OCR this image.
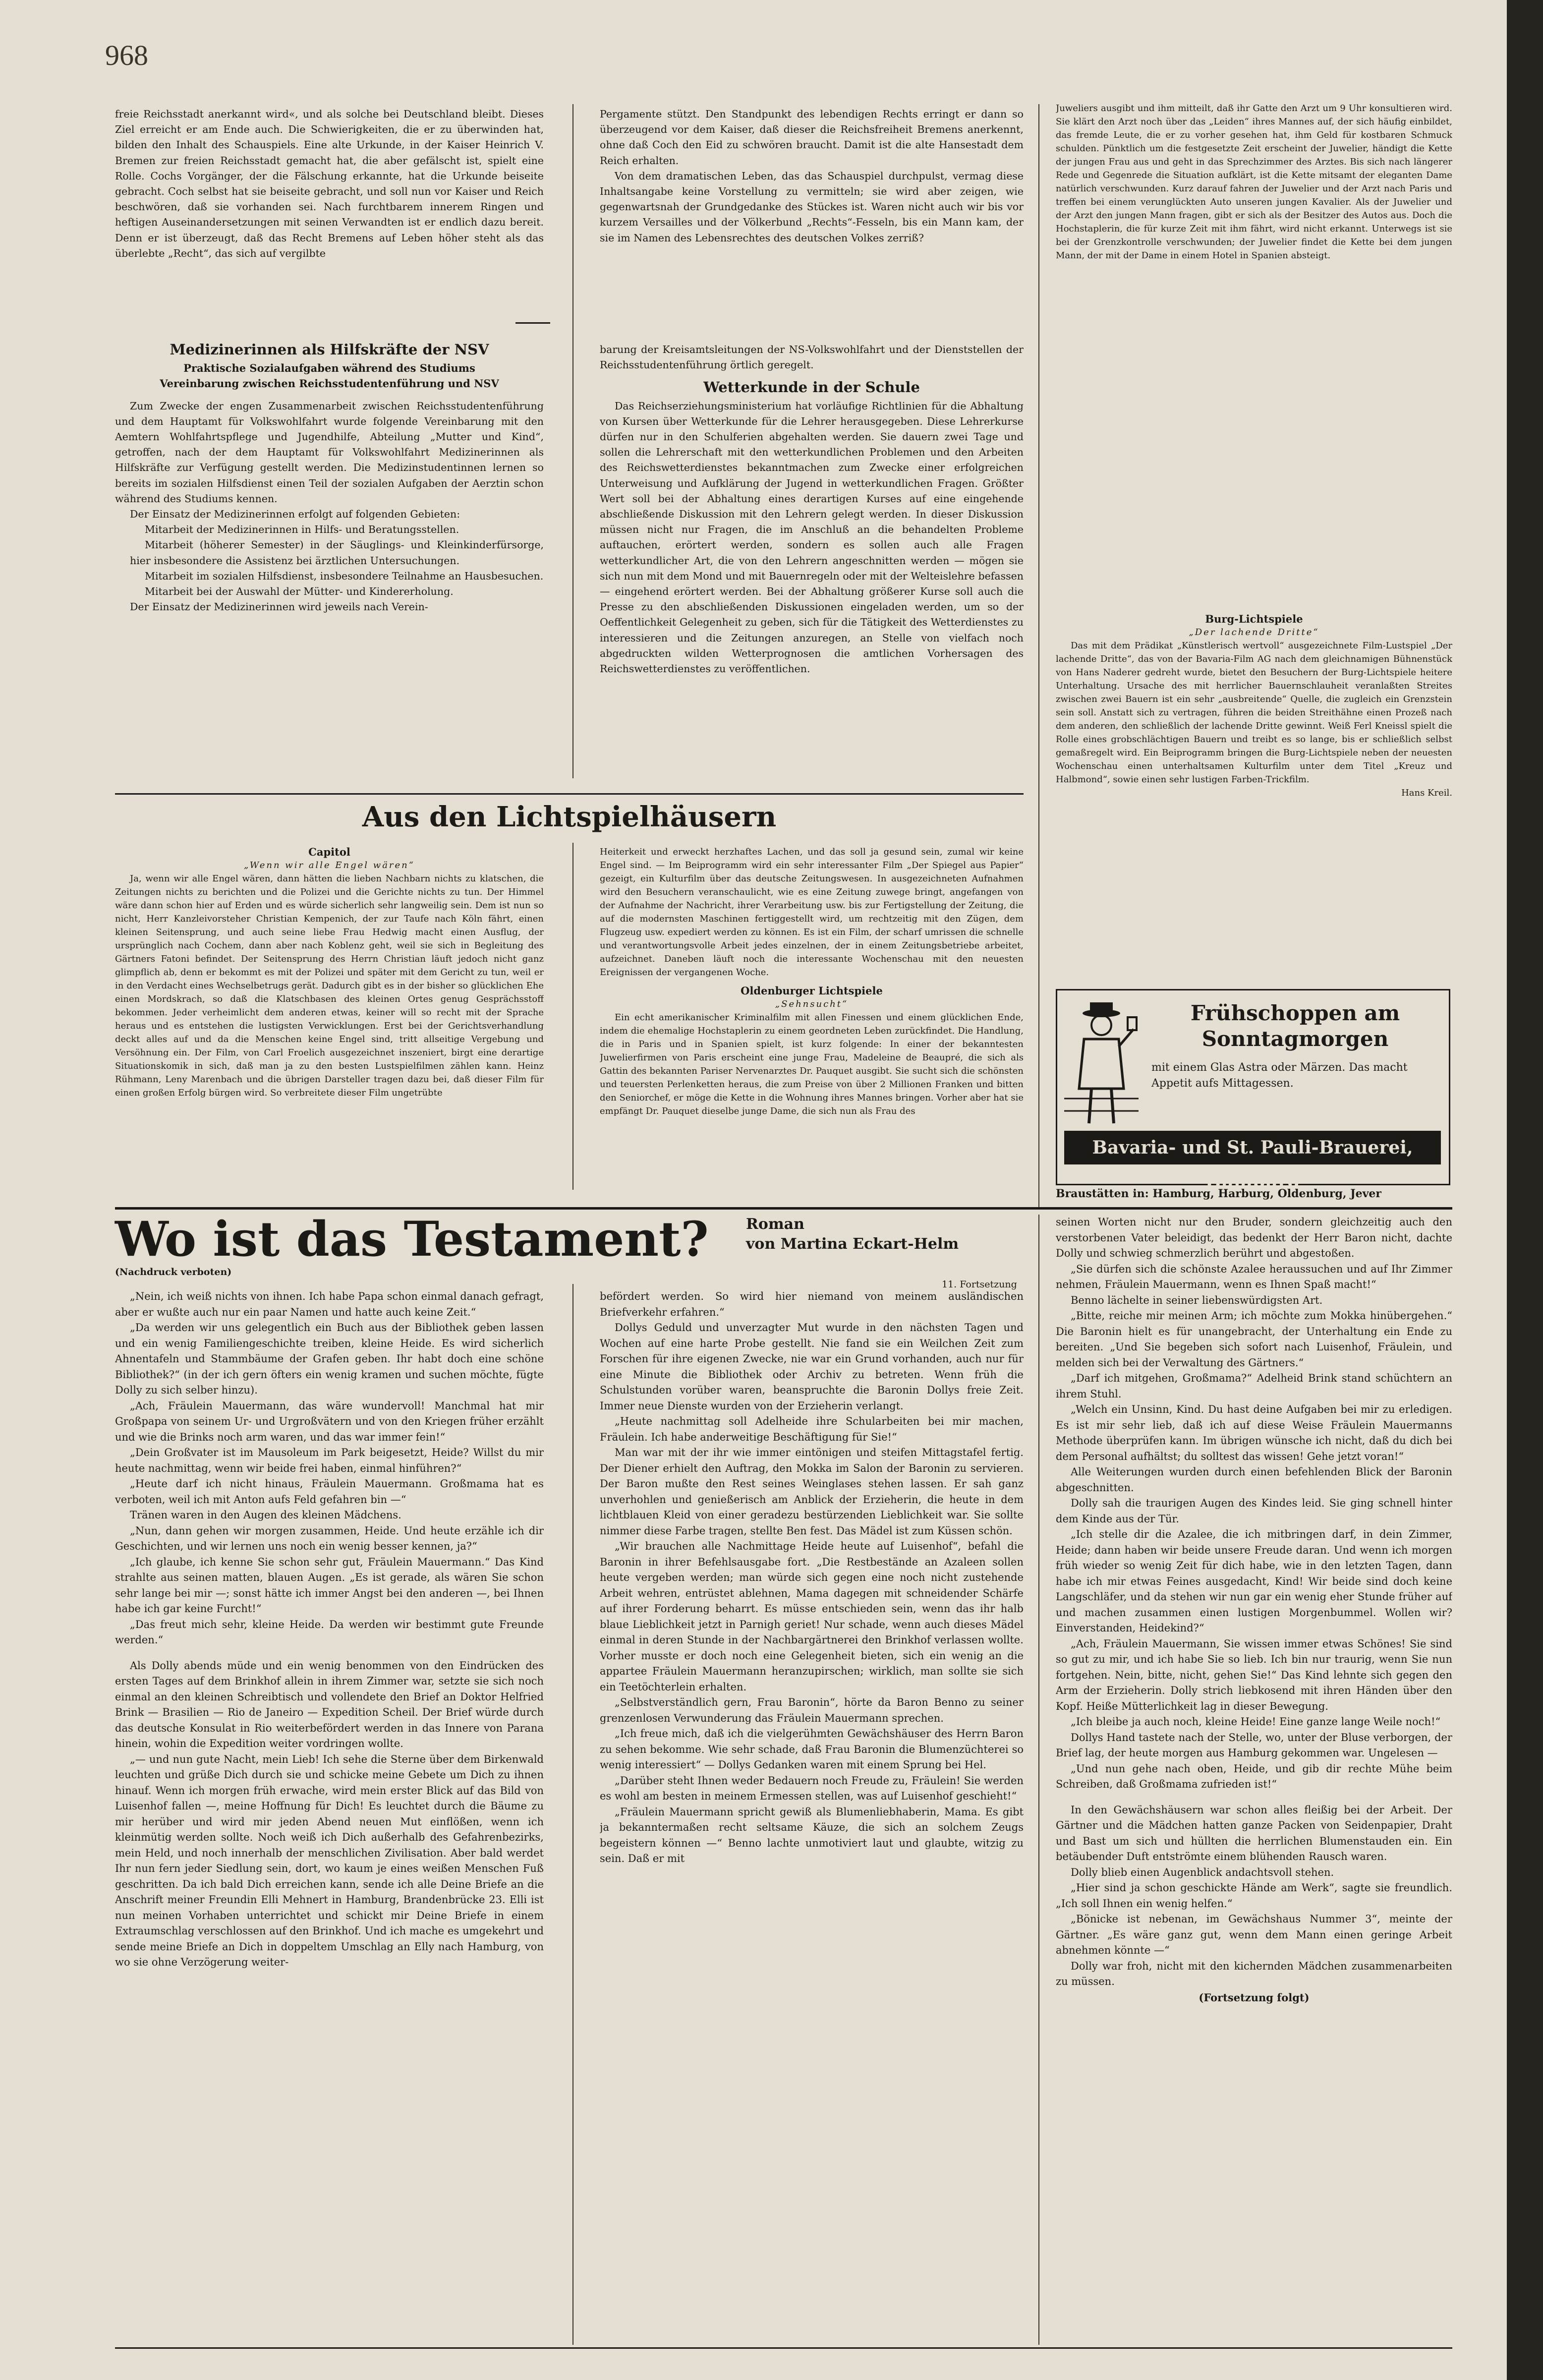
968

freie Reichsstadt anerkannt wird«, und als solche bei Deutschland bleibt. Dieses Ziel erreicht er am Ende auch. Die Schwierigkeiten, die er zu überwinden hat, bilden den Inhalt des Schauspiels. Eine alte Urkunde, in der Kaiser Heinrich V. Bremen zur freien Reichsstadt gemacht hat, die aber gefälscht ist, spielt eine Rolle. Cochs Vorgänger, der die Fälschung erkannte, hat die Urkunde beiseite gebracht. Coch selbst hat sie beiseite gebracht, und soll nun vor Kaiser und Reich beschwören, daß sie vorhanden sei. Nach furchtbarem innerem Ringen und heftigen Auseinandersetzungen mit seinen Verwandten ist er endlich dazu bereit. Denn er ist überzeugt, daß das Recht Bremens auf Leben höher steht als das überlebte „Recht“, das sich auf vergilbte

Pergamente stützt. Den Standpunkt des lebendigen Rechts erringt er dann so überzeugend vor dem Kaiser, daß dieser die Reichsfreiheit Bremens anerkennt, ohne daß Coch den Eid zu schwören braucht. Damit ist die alte Hansestadt dem Reich erhalten.

Von dem dramatischen Leben, das das Schauspiel durchpulst, vermag diese Inhaltsangabe keine Vorstellung zu vermitteln; sie wird aber zeigen, wie gegenwartsnah der Grundgedanke des Stückes ist. Waren nicht auch wir bis vor kurzem Versailles und der Völkerbund „Rechts“-Fesseln, bis ein Mann kam, der sie im Namen des Lebensrechtes des deutschen Volkes zerriß?

Medizinerinnen als Hilfskräfte der NSV
Praktische Sozialaufgaben während des Studiums
Vereinbarung zwischen Reichsstudentenführung und NSV

Zum Zwecke der engen Zusammenarbeit zwischen Reichsstudentenführung und dem Hauptamt für Volkswohlfahrt wurde folgende Vereinbarung mit den Aemtern Wohlfahrtspflege und Jugendhilfe, Abteilung „Mutter und Kind“, getroffen, nach der dem Hauptamt für Volkswohlfahrt Medizinerinnen als Hilfskräfte zur Verfügung gestellt werden. Die Medizinstudentinnen lernen so bereits im sozialen Hilfsdienst einen Teil der sozialen Aufgaben der Aerztin schon während des Studiums kennen.

Der Einsatz der Medizinerinnen erfolgt auf folgenden Gebieten:

Mitarbeit der Medizinerinnen in Hilfs- und Beratungsstellen.

Mitarbeit (höherer Semester) in der Säuglings- und Kleinkinderfürsorge, hier insbesondere die Assistenz bei ärztlichen Untersuchungen.

Mitarbeit im sozialen Hilfsdienst, insbesondere Teilnahme an Hausbesuchen.

Mitarbeit bei der Auswahl der Mütter- und Kindererholung.

Der Einsatz der Medizinerinnen wird jeweils nach Verein-

barung der Kreisamtsleitungen der NS-Volkswohlfahrt und der Dienststellen der Reichsstudentenführung örtlich geregelt.

Wetterkunde in der Schule

Das Reichserziehungsministerium hat vorläufige Richtlinien für die Abhaltung von Kursen über Wetterkunde für die Lehrer herausgegeben. Diese Lehrerkurse dürfen nur in den Schulferien abgehalten werden. Sie dauern zwei Tage und sollen die Lehrerschaft mit den wetterkundlichen Problemen und den Arbeiten des Reichswetterdienstes bekanntmachen zum Zwecke einer erfolgreichen Unterweisung und Aufklärung der Jugend in wetterkundlichen Fragen. Größter Wert soll bei der Abhaltung eines derartigen Kurses auf eine eingehende abschließende Diskussion mit den Lehrern gelegt werden. In dieser Diskussion müssen nicht nur Fragen, die im Anschluß an die behandelten Probleme auftauchen, erörtert werden, sondern es sollen auch alle Fragen wetterkundlicher Art, die von den Lehrern angeschnitten werden — mögen sie sich nun mit dem Mond und mit Bauernregeln oder mit der Welteislehre befassen — eingehend erörtert werden. Bei der Abhaltung größerer Kurse soll auch die Presse zu den abschließenden Diskussionen eingeladen werden, um so der Oeffentlichkeit Gelegenheit zu geben, sich für die Tätigkeit des Wetterdienstes zu interessieren und die Zeitungen anzuregen, an Stelle von vielfach noch abgedruckten wilden Wetterprognosen die amtlichen Vorhersagen des Reichswetterdienstes zu veröffentlichen.

Juweliers ausgibt und ihm mitteilt, daß ihr Gatte den Arzt um 9 Uhr konsultieren wird. Sie klärt den Arzt noch über das „Leiden“ ihres Mannes auf, der sich häufig einbildet, das fremde Leute, die er zu vorher gesehen hat, ihm Geld für kostbaren Schmuck schulden. Pünktlich um die festgesetzte Zeit erscheint der Juwelier, händigt die Kette der jungen Frau aus und geht in das Sprechzimmer des Arztes. Bis sich nach längerer Rede und Gegenrede die Situation aufklärt, ist die Kette mitsamt der eleganten Dame natürlich verschwunden. Kurz darauf fahren der Juwelier und der Arzt nach Paris und treffen bei einem verunglückten Auto unseren jungen Kavalier. Als der Juwelier und der Arzt den jungen Mann fragen, gibt er sich als der Besitzer des Autos aus. Doch die Hochstaplerin, die für kurze Zeit mit ihm fährt, wird nicht erkannt. Unterwegs ist sie bei der Grenzkontrolle verschwunden; der Juwelier findet die Kette bei dem jungen Mann, der mit der Dame in einem Hotel in Spanien absteigt.

Burg-Lichtspiele
„Der lachende Dritte“

Das mit dem Prädikat „Künstlerisch wertvoll“ ausgezeichnete Film-Lustspiel „Der lachende Dritte“, das von der Bavaria-Film AG nach dem gleichnamigen Bühnenstück von Hans Naderer gedreht wurde, bietet den Besuchern der Burg-Lichtspiele heitere Unterhaltung. Ursache des mit herrlicher Bauernschlauheit veranlaßten Streites zwischen zwei Bauern ist ein sehr „ausbreitende“ Quelle, die zugleich ein Grenzstein sein soll. Anstatt sich zu vertragen, führen die beiden Streithähne einen Prozeß nach dem anderen, den schließlich der lachende Dritte gewinnt. Weiß Ferl Kneissl spielt die Rolle eines grobschlächtigen Bauern und treibt es so lange, bis er schließlich selbst gemaßregelt wird. Ein Beiprogramm bringen die Burg-Lichtspiele neben der neuesten Wochenschau einen unterhaltsamen Kulturfilm unter dem Titel „Kreuz und Halbmond“, sowie einen sehr lustigen Farben-Trickfilm.

Hans Kreil.
Frühschoppen am Sonntagmorgen
mit einem Glas Astra oder Märzen. Das macht Appetit aufs Mittagessen.
Bavaria- und St. Pauli-Brauerei, Hamburg
Braustätten in: Hamburg, Harburg, Oldenburg, Jever
Aus den Lichtspielhäusern
Capitol
„Wenn wir alle Engel wären“

Ja, wenn wir alle Engel wären, dann hätten die lieben Nachbarn nichts zu klatschen, die Zeitungen nichts zu berichten und die Polizei und die Gerichte nichts zu tun. Der Himmel wäre dann schon hier auf Erden und es würde sicherlich sehr langweilig sein. Dem ist nun so nicht, Herr Kanzleivorsteher Christian Kempenich, der zur Taufe nach Köln fährt, einen kleinen Seitensprung, und auch seine liebe Frau Hedwig macht einen Ausflug, der ursprünglich nach Cochem, dann aber nach Koblenz geht, weil sie sich in Begleitung des Gärtners Fatoni befindet. Der Seitensprung des Herrn Christian läuft jedoch nicht ganz glimpflich ab, denn er bekommt es mit der Polizei und später mit dem Gericht zu tun, weil er in den Verdacht eines Wechselbetrugs gerät. Dadurch gibt es in der bisher so glücklichen Ehe einen Mordskrach, so daß die Klatschbasen des kleinen Ortes genug Gesprächsstoff bekommen. Jeder verheimlicht dem anderen etwas, keiner will so recht mit der Sprache heraus und es entstehen die lustigsten Verwicklungen. Erst bei der Gerichtsverhandlung deckt alles auf und da die Menschen keine Engel sind, tritt allseitige Vergebung und Versöhnung ein. Der Film, von Carl Froelich ausgezeichnet inszeniert, birgt eine derartige Situationskomik in sich, daß man ja zu den besten Lustspielfilmen zählen kann. Heinz Rühmann, Leny Marenbach und die übrigen Darsteller tragen dazu bei, daß dieser Film für einen großen Erfolg bürgen wird. So verbreitete dieser Film ungetrübte

Heiterkeit und erweckt herzhaftes Lachen, und das soll ja gesund sein, zumal wir keine Engel sind. — Im Beiprogramm wird ein sehr interessanter Film „Der Spiegel aus Papier“ gezeigt, ein Kulturfilm über das deutsche Zeitungswesen. In ausgezeichneten Aufnahmen wird den Besuchern veranschaulicht, wie es eine Zeitung zuwege bringt, angefangen von der Aufnahme der Nachricht, ihrer Verarbeitung usw. bis zur Fertigstellung der Zeitung, die auf die modernsten Maschinen fertiggestellt wird, um rechtzeitig mit den Zügen, dem Flugzeug usw. expediert werden zu können. Es ist ein Film, der scharf umrissen die schnelle und verantwortungsvolle Arbeit jedes einzelnen, der in einem Zeitungsbetriebe arbeitet, aufzeichnet. Daneben läuft noch die interessante Wochenschau mit den neuesten Ereignissen der vergangenen Woche.

Oldenburger Lichtspiele
„Sehnsucht“

Ein echt amerikanischer Kriminalfilm mit allen Finessen und einem glücklichen Ende, indem die ehemalige Hochstaplerin zu einem geordneten Leben zurückfindet. Die Handlung, die in Paris und in Spanien spielt, ist kurz folgende: In einer der bekanntesten Juwelierfirmen von Paris erscheint eine junge Frau, Madeleine de Beaupré, die sich als Gattin des bekannten Pariser Nervenarztes Dr. Pauquet ausgibt. Sie sucht sich die schönsten und teuersten Perlenketten heraus, die zum Preise von über 2 Millionen Franken und bitten den Seniorchef, er möge die Kette in die Wohnung ihres Mannes bringen. Vorher aber hat sie empfängt Dr. Pauquet dieselbe junge Dame, die sich nun als Frau des

Wo ist das Testament?	Roman
von Martina Eckart-Helm
(Nachdruck verboten)
11. Fortsetzung

„Nein, ich weiß nichts von ihnen. Ich habe Papa schon einmal danach gefragt, aber er wußte auch nur ein paar Namen und hatte auch keine Zeit.“

„Da werden wir uns gelegentlich ein Buch aus der Bibliothek geben lassen und ein wenig Familiengeschichte treiben, kleine Heide. Es wird sicherlich Ahnentafeln und Stammbäume der Grafen geben. Ihr habt doch eine schöne Bibliothek?“ (in der ich gern öfters ein wenig kramen und suchen möchte, fügte Dolly zu sich selber hinzu).

„Ach, Fräulein Mauermann, das wäre wundervoll! Manchmal hat mir Großpapa von seinem Ur- und Urgroßvätern und von den Kriegen früher erzählt und wie die Brinks noch arm waren, und das war immer fein!“

„Dein Großvater ist im Mausoleum im Park beigesetzt, Heide? Willst du mir heute nachmittag, wenn wir beide frei haben, einmal hinführen?“

„Heute darf ich nicht hinaus, Fräulein Mauermann. Großmama hat es verboten, weil ich mit Anton aufs Feld gefahren bin —“

Tränen waren in den Augen des kleinen Mädchens.

„Nun, dann gehen wir morgen zusammen, Heide. Und heute erzähle ich dir Geschichten, und wir lernen uns noch ein wenig besser kennen, ja?“

„Ich glaube, ich kenne Sie schon sehr gut, Fräulein Mauermann.“ Das Kind strahlte aus seinen matten, blauen Augen. „Es ist gerade, als wären Sie schon sehr lange bei mir —; sonst hätte ich immer Angst bei den anderen —, bei Ihnen habe ich gar keine Furcht!“

„Das freut mich sehr, kleine Heide. Da werden wir bestimmt gute Freunde werden.“

Als Dolly abends müde und ein wenig benommen von den Eindrücken des ersten Tages auf dem Brinkhof allein in ihrem Zimmer war, setzte sie sich noch einmal an den kleinen Schreibtisch und vollendete den Brief an Doktor Helfried Brink — Brasilien — Rio de Janeiro — Expedition Scheil. Der Brief würde durch das deutsche Konsulat in Rio weiterbefördert werden in das Innere von Parana hinein, wohin die Expedition weiter vordringen wollte.

„— und nun gute Nacht, mein Lieb! Ich sehe die Sterne über dem Birkenwald leuchten und grüße Dich durch sie und schicke meine Gebete um Dich zu ihnen hinauf. Wenn ich morgen früh erwache, wird mein erster Blick auf das Bild von Luisenhof fallen —, meine Hoffnung für Dich! Es leuchtet durch die Bäume zu mir herüber und wird mir jeden Abend neuen Mut einflößen, wenn ich kleinmütig werden sollte. Noch weiß ich Dich außerhalb des Gefahrenbezirks, mein Held, und noch innerhalb der menschlichen Zivilisation. Aber bald werdet Ihr nun fern jeder Siedlung sein, dort, wo kaum je eines weißen Menschen Fuß geschritten. Da ich bald Dich erreichen kann, sende ich alle Deine Briefe an die Anschrift meiner Freundin Elli Mehnert in Hamburg, Brandenbrücke 23. Elli ist nun meinen Vorhaben unterrichtet und schickt mir Deine Briefe in einem Extraumschlag verschlossen auf den Brinkhof. Und ich mache es umgekehrt und sende meine Briefe an Dich in doppeltem Umschlag an Elly nach Hamburg, von wo sie ohne Verzögerung weiter-

befördert werden. So wird hier niemand von meinem ausländischen Briefverkehr erfahren.“

Dollys Geduld und unverzagter Mut wurde in den nächsten Tagen und Wochen auf eine harte Probe gestellt. Nie fand sie ein Weilchen Zeit zum Forschen für ihre eigenen Zwecke, nie war ein Grund vorhanden, auch nur für eine Minute die Bibliothek oder Archiv zu betreten. Wenn früh die Schulstunden vorüber waren, beanspruchte die Baronin Dollys freie Zeit. Immer neue Dienste wurden von der Erzieherin verlangt.

„Heute nachmittag soll Adelheide ihre Schularbeiten bei mir machen, Fräulein. Ich habe anderweitige Beschäftigung für Sie!“

Man war mit der ihr wie immer eintönigen und steifen Mittagstafel fertig. Der Diener erhielt den Auftrag, den Mokka im Salon der Baronin zu servieren. Der Baron mußte den Rest seines Weinglases stehen lassen. Er sah ganz unverhohlen und genießerisch am Anblick der Erzieherin, die heute in dem lichtblauen Kleid von einer geradezu bestürzenden Lieblichkeit war. Sie sollte nimmer diese Farbe tragen, stellte Ben fest. Das Mädel ist zum Küssen schön.

„Wir brauchen alle Nachmittage Heide heute auf Luisenhof“, befahl die Baronin in ihrer Befehlsausgabe fort. „Die Restbestände an Azaleen sollen heute vergeben werden; man würde sich gegen eine noch nicht zustehende Arbeit wehren, entrüstet ablehnen, Mama dagegen mit schneidender Schärfe auf ihrer Forderung beharrt. Es müsse entschieden sein, wenn das ihr halb blaue Lieblichkeit jetzt in Parnigh geriet! Nur schade, wenn auch dieses Mädel einmal in deren Stunde in der Nachbargärtnerei den Brinkhof verlassen wollte. Vorher musste er doch noch eine Gelegenheit bieten, sich ein wenig an die appartee Fräulein Mauermann heranzupirschen; wirklich, man sollte sie sich ein Teetöchterlein erhalten.

„Selbstverständlich gern, Frau Baronin“, hörte da Baron Benno zu seiner grenzenlosen Verwunderung das Fräulein Mauermann sprechen.

„Ich freue mich, daß ich die vielgerühmten Gewächshäuser des Herrn Baron zu sehen bekomme. Wie sehr schade, daß Frau Baronin die Blumenzüchterei so wenig interessiert“ — Dollys Gedanken waren mit einem Sprung bei Hel.

„Darüber steht Ihnen weder Bedauern noch Freude zu, Fräulein! Sie werden es wohl am besten in meinem Ermessen stellen, was auf Luisenhof geschieht!“

„Fräulein Mauermann spricht gewiß als Blumenliebhaberin, Mama. Es gibt ja bekanntermaßen recht seltsame Käuze, die sich an solchem Zeugs begeistern können —“ Benno lachte unmotiviert laut und glaubte, witzig zu sein. Daß er mit

seinen Worten nicht nur den Bruder, sondern gleichzeitig auch den verstorbenen Vater beleidigt, das bedenkt der Herr Baron nicht, dachte Dolly und schwieg schmerzlich berührt und abgestoßen.

„Sie dürfen sich die schönste Azalee heraussuchen und auf Ihr Zimmer nehmen, Fräulein Mauermann, wenn es Ihnen Spaß macht!“

Benno lächelte in seiner liebenswürdigsten Art.

„Bitte, reiche mir meinen Arm; ich möchte zum Mokka hinübergehen.“ Die Baronin hielt es für unangebracht, der Unterhaltung ein Ende zu bereiten. „Und Sie begeben sich sofort nach Luisenhof, Fräulein, und melden sich bei der Verwaltung des Gärtners.“

„Darf ich mitgehen, Großmama?“ Adelheid Brink stand schüchtern an ihrem Stuhl.

„Welch ein Unsinn, Kind. Du hast deine Aufgaben bei mir zu erledigen. Es ist mir sehr lieb, daß ich auf diese Weise Fräulein Mauermanns Methode überprüfen kann. Im übrigen wünsche ich nicht, daß du dich bei dem Personal aufhältst; du solltest das wissen! Gehe jetzt voran!“

Alle Weiterungen wurden durch einen befehlenden Blick der Baronin abgeschnitten.

Dolly sah die traurigen Augen des Kindes leid. Sie ging schnell hinter dem Kinde aus der Tür.

„Ich stelle dir die Azalee, die ich mitbringen darf, in dein Zimmer, Heide; dann haben wir beide unsere Freude daran. Und wenn ich morgen früh wieder so wenig Zeit für dich habe, wie in den letzten Tagen, dann habe ich mir etwas Feines ausgedacht, Kind! Wir beide sind doch keine Langschläfer, und da stehen wir nun gar ein wenig eher Stunde früher auf und machen zusammen einen lustigen Morgenbummel. Wollen wir? Einverstanden, Heidekind?“

„Ach, Fräulein Mauermann, Sie wissen immer etwas Schönes! Sie sind so gut zu mir, und ich habe Sie so lieb. Ich bin nur traurig, wenn Sie nun fortgehen. Nein, bitte, nicht, gehen Sie!“ Das Kind lehnte sich gegen den Arm der Erzieherin. Dolly strich liebkosend mit ihren Händen über den Kopf. Heiße Mütterlichkeit lag in dieser Bewegung.

„Ich bleibe ja auch noch, kleine Heide! Eine ganze lange Weile noch!“

Dollys Hand tastete nach der Stelle, wo, unter der Bluse verborgen, der Brief lag, der heute morgen aus Hamburg gekommen war. Ungelesen —

„Und nun gehe nach oben, Heide, und gib dir rechte Mühe beim Schreiben, daß Großmama zufrieden ist!“

In den Gewächshäusern war schon alles fleißig bei der Arbeit. Der Gärtner und die Mädchen hatten ganze Packen von Seidenpapier, Draht und Bast um sich und hüllten die herrlichen Blumenstauden ein. Ein betäubender Duft entströmte einem blühenden Rausch waren.

Dolly blieb einen Augenblick andachtsvoll stehen.

„Hier sind ja schon geschickte Hände am Werk“, sagte sie freundlich. „Ich soll Ihnen ein wenig helfen.“

„Bönicke ist nebenan, im Gewächshaus Nummer 3“, meinte der Gärtner. „Es wäre ganz gut, wenn dem Mann einen geringe Arbeit abnehmen könnte —“

Dolly war froh, nicht mit den kichernden Mädchen zusammenarbeiten zu müssen.

(Fortsetzung folgt)
